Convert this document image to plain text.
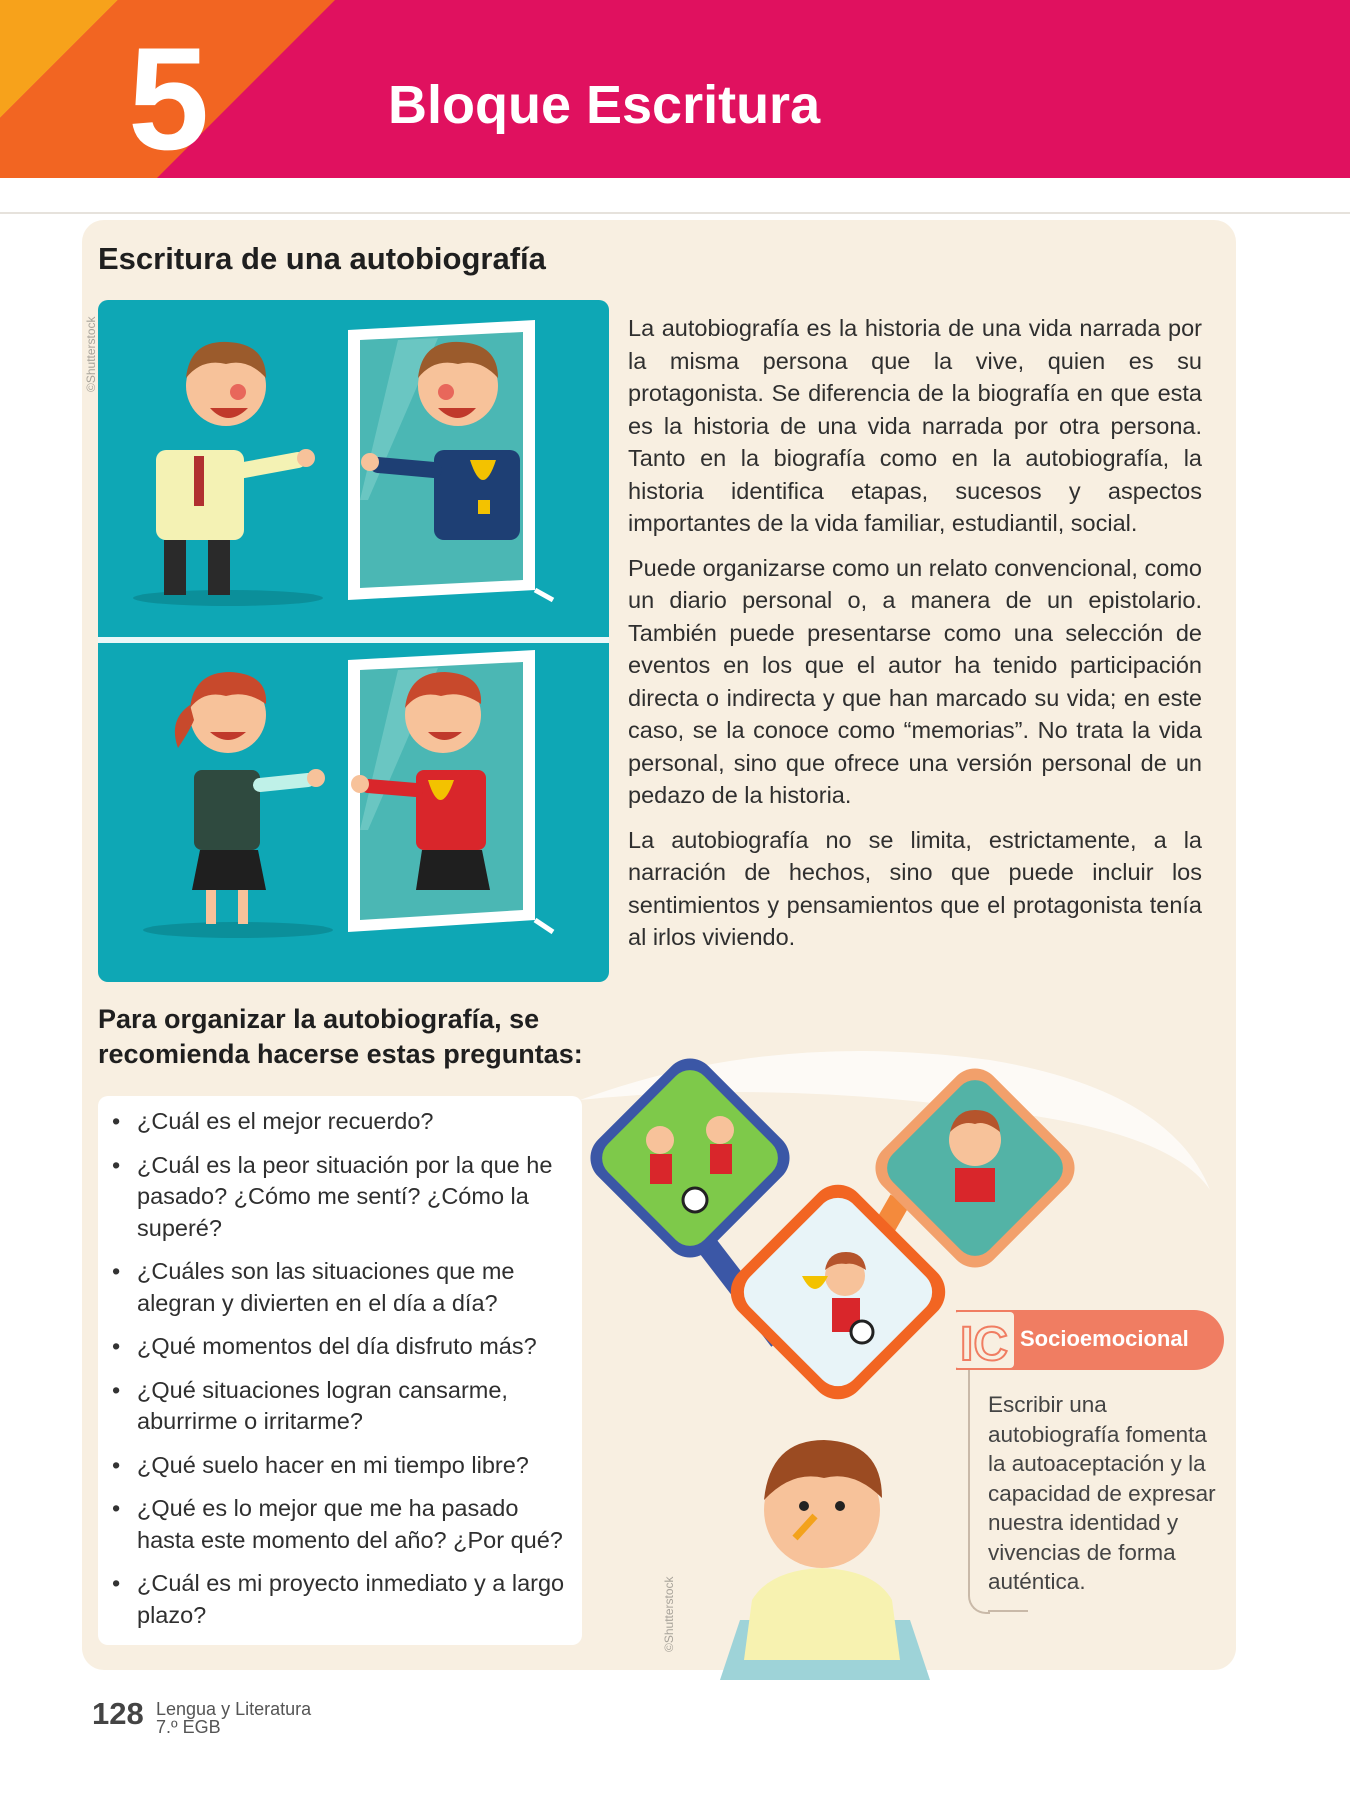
5	Bloque Escritura
Escritura de una autobiografía
©Shutterstock	La autobiografía es la historia de una vida narrada por la misma persona que la vive, quien es su protagonista. Se diferencia de la biografía en que esta es la historia de una vida narrada por otra persona. Tanto en la biografía como en la autobiografía, la historia identifica etapas, sucesos y aspectos importantes de la vida familiar, estudiantil, social.

Puede organizarse como un relato convencional, como un diario personal o, a manera de un epistolario. También puede presentarse como una selección de eventos en los que el autor ha tenido participación directa o indirecta y que han marcado su vida; en este caso, se la conoce como “memorias”. No trata la vida personal, sino que ofrece una versión personal de un pedazo de la historia.

La autobiografía no se limita, estrictamente, a la narración de hechos, sino que puede incluir los sentimientos y pensamientos que el protagonista tenía al irlos viviendo.

Para organizar la autobiografía, se recomienda hacerse estas preguntas:
• ¿Cuál es el mejor recuerdo?
• ¿Cuál es la peor situación por la que he pasado? ¿Cómo me sentí? ¿Cómo la superé?
• ¿Cuáles son las situaciones que me alegran y divierten en el día a día?
• ¿Qué momentos del día disfruto más?
• ¿Qué situaciones logran cansarme, aburrirme o irritarme?
• ¿Qué suelo hacer en mi tiempo libre?
• ¿Qué es lo mejor que me ha pasado hasta este momento del año? ¿Por qué?
• ¿Cuál es mi proyecto inmediato y a largo plazo?	©Shutterstock
IC Socioemocional

Escribir una autobiografía fomenta la autoaceptación y la capacidad de expresar nuestra identidad y vivencias de forma auténtica.

128 Lengua y Literatura
7.º EGB
